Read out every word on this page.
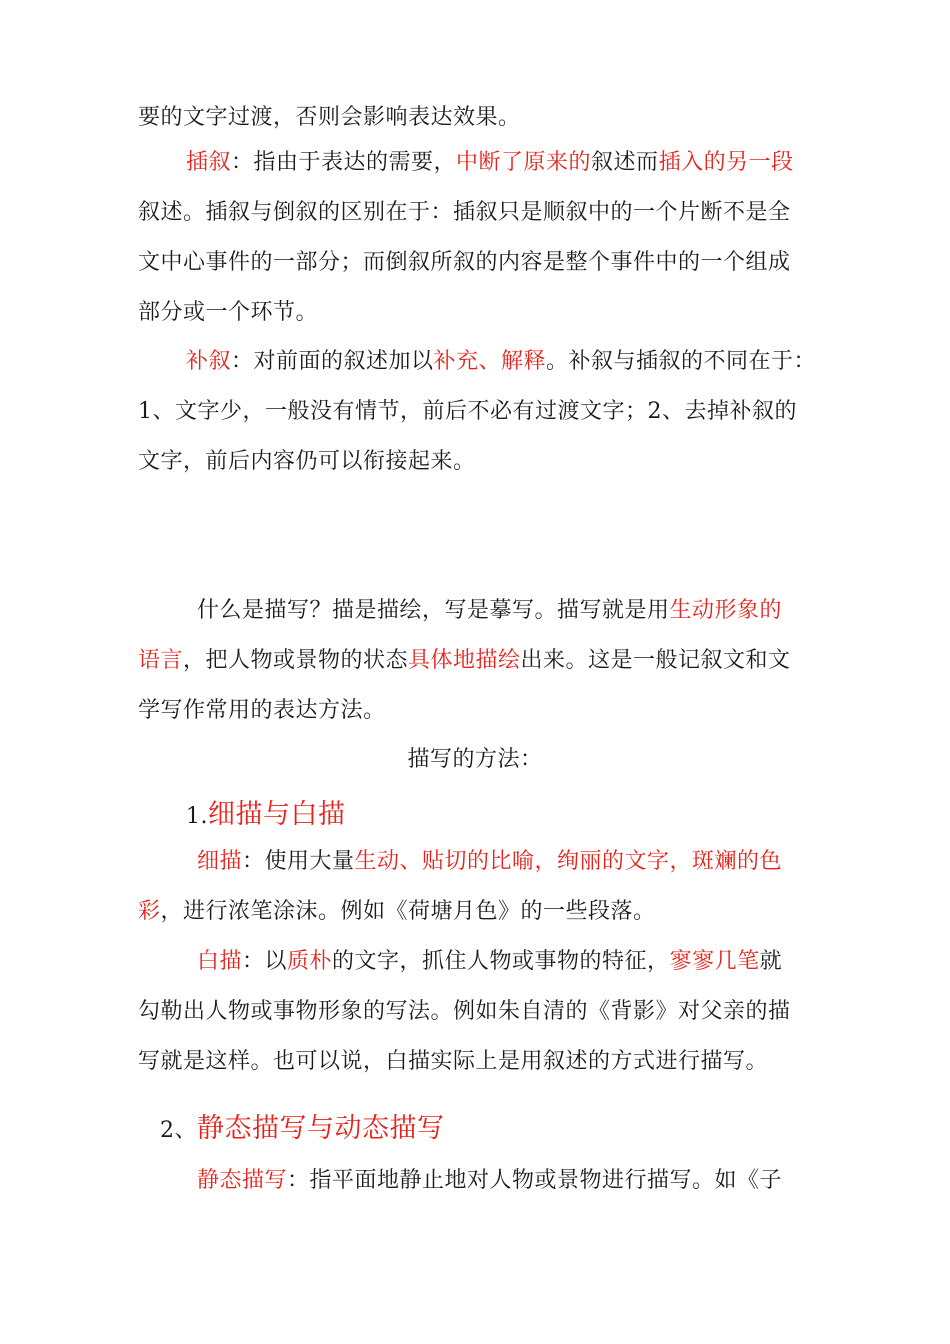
要的文字过渡，否则会影响表达效果。
插叙：指由于表达的需要，中断了原来的叙述而插入的另一段
叙述。插叙与倒叙的区别在于：插叙只是顺叙中的一个片断不是全
文中心事件的一部分；而倒叙所叙的内容是整个事件中的一个组成
部分或一个环节。
补叙：对前面的叙述加以补充、解释。补叙与插叙的不同在于：
1、文字少，一般没有情节，前后不必有过渡文字；2、去掉补叙的
文字，前后内容仍可以衔接起来。
什么是描写？描是描绘，写是摹写。描写就是用生动形象的
语言，把人物或景物的状态具体地描绘出来。这是一般记叙文和文
学写作常用的表达方法。
描写的方法：
1.细描与白描
细描：使用大量生动、贴切的比喻，绚丽的文字，斑斓的色
彩，进行浓笔涂沫。例如《荷塘月色》的一些段落。
白描：以质朴的文字，抓住人物或事物的特征，寥寥几笔就
勾勒出人物或事物形象的写法。例如朱自清的《背影》对父亲的描
写就是这样。也可以说，白描实际上是用叙述的方式进行描写。
2、静态描写与动态描写
静态描写：指平面地静止地对人物或景物进行描写。如《子
